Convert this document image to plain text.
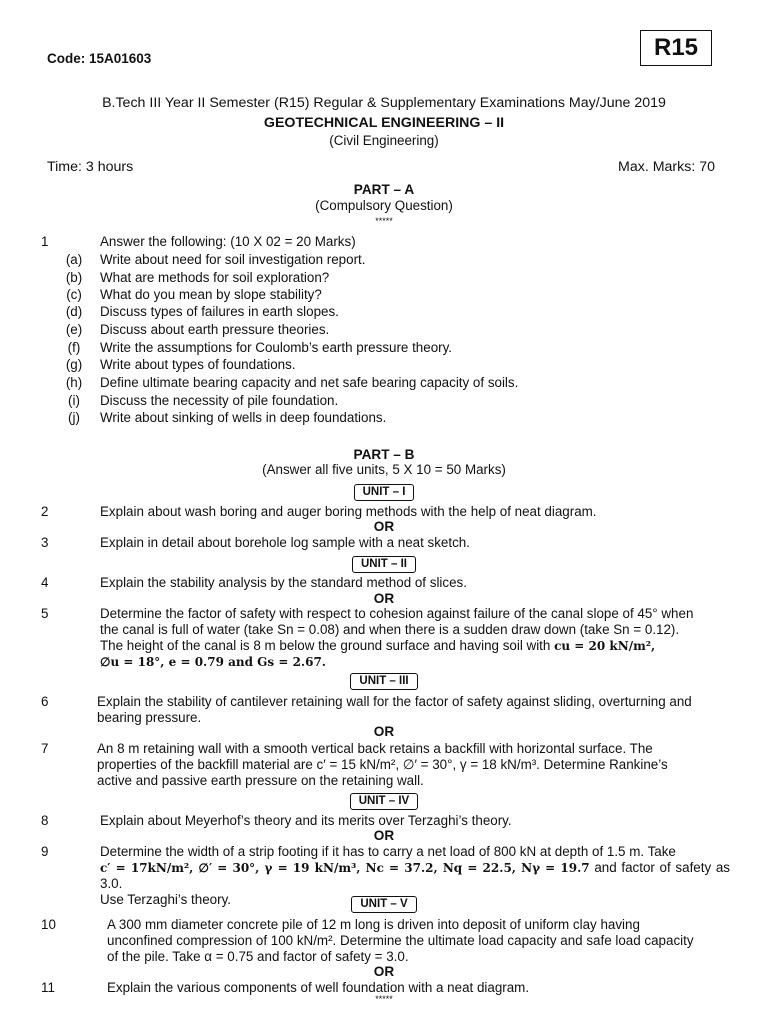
Code: 15A01603	R15
B.Tech III Year II Semester (R15) Regular & Supplementary Examinations May/June 2019
GEOTECHNICAL ENGINEERING – II
(Civil Engineering)
Time: 3 hours	Max. Marks: 70
PART – A
(Compulsory Question)
*****
1	Answer the following: (10 X 02 = 20 Marks)
(a)	Write about need for soil investigation report.
(b)	What are methods for soil exploration?
(c)	What do you mean by slope stability?
(d)	Discuss types of failures in earth slopes.
(e)	Discuss about earth pressure theories.
(f)	Write the assumptions for Coulomb’s earth pressure theory.
(g)	Write about types of foundations.
(h)	Define ultimate bearing capacity and net safe bearing capacity of soils.
(i)	Discuss the necessity of pile foundation.
(j)	Write about sinking of wells in deep foundations.
PART – B
(Answer all five units, 5 X 10 = 50 Marks)
UNIT – I
2	Explain about wash boring and auger boring methods with the help of neat diagram.
OR
3	Explain in detail about borehole log sample with a neat sketch.
UNIT – II
4	Explain the stability analysis by the standard method of slices.
OR
5	Determine the factor of safety with respect to cohesion against failure of the canal slope of 45° when
the canal is full of water (take Sn = 0.08) and when there is a sudden draw down (take Sn = 0.12).
The height of the canal is 8 m below the ground surface and having soil with cu = 20 kN/m²,
∅u = 18°, e = 0.79 and Gs = 2.67.
UNIT – III
6	Explain the stability of cantilever retaining wall for the factor of safety against sliding, overturning and
bearing pressure.
OR
7	An 8 m retaining wall with a smooth vertical back retains a backfill with horizontal surface. The
properties of the backfill material are c′ = 15 kN/m², ∅′ = 30°, γ = 18 kN/m³. Determine Rankine’s
active and passive earth pressure on the retaining wall.
UNIT – IV
8	Explain about Meyerhof’s theory and its merits over Terzaghi’s theory.
OR
9	Determine the width of a strip footing if it has to carry a net load of 800 kN at depth of 1.5 m. Take
c′ = 17kN/m², ∅′ = 30°, γ = 19 kN/m³, Nc = 37.2, Nq = 22.5, Nγ = 19.7 and factor of safety as 3.0.
Use Terzaghi’s theory.	UNIT – V
10	A 300 mm diameter concrete pile of 12 m long is driven into deposit of uniform clay having
unconfined compression of 100 kN/m². Determine the ultimate load capacity and safe load capacity
of the pile. Take α = 0.75 and factor of safety = 3.0.
OR
11	Explain the various components of well foundation with a neat diagram.
*****
